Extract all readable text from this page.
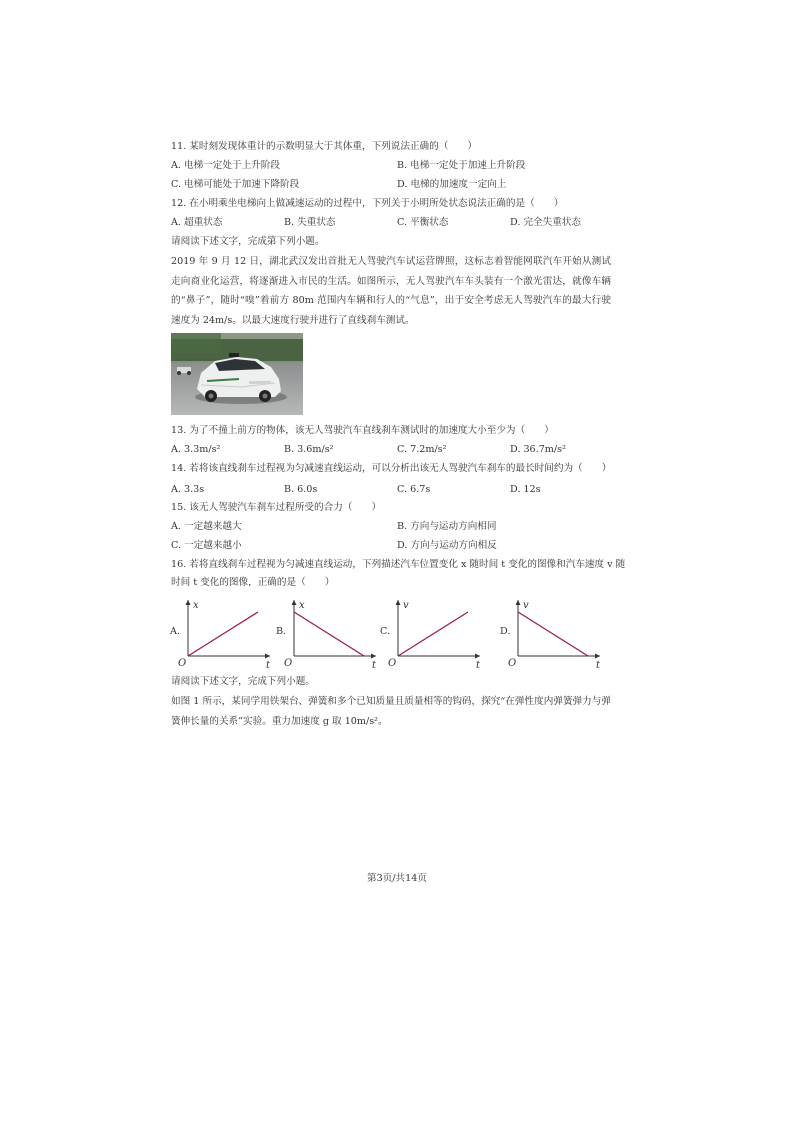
11. 某时刻发现体重计的示数明显大于其体重，下列说法正确的（　　）
A. 电梯一定处于上升阶段	B. 电梯一定处于加速上升阶段
C. 电梯可能处于加速下降阶段	D. 电梯的加速度一定向上
12. 在小明乘坐电梯向上做减速运动的过程中，下列关于小明所处状态说法正确的是（　　）
A. 超重状态	B. 失重状态	C. 平衡状态	D. 完全失重状态
请阅读下述文字，完成第下列小题。
2019 年 9 月 12 日，湖北武汉发出首批无人驾驶汽车试运营牌照，这标志着智能网联汽车开始从测试走向商业化运营，将逐渐进入市民的生活。如图所示，无人驾驶汽车车头装有一个激光雷达，就像车辆的“鼻子”，随时“嗅”着前方 80m 范围内车辆和行人的“气息”，出于安全考虑无人驾驶汽车的最大行驶速度为 24m/s。以最大速度行驶并进行了直线刹车测试。
13. 为了不撞上前方的物体，该无人驾驶汽车直线刹车测试时的加速度大小至少为（　　）
A. 3.3m/s²	B. 3.6m/s²	C. 7.2m/s²	D. 36.7m/s²
14. 若将该直线刹车过程视为匀减速直线运动，可以分析出该无人驾驶汽车刹车的最长时间约为（　　）
A. 3.3s	B. 6.0s	C. 6.7s	D. 12s
15. 该无人驾驶汽车刹车过程所受的合力（　　）
A. 一定越来越大	B. 方向与运动方向相同
C. 一定越来越小	D. 方向与运动方向相反
16. 若将直线刹车过程视为匀减速直线运动，下列描述汽车位置变化 x 随时间 t 变化的图像和汽车速度 v 随
时间 t 变化的图像，正确的是（　　）
A.
x
t
O
B.
x
t
O
C.
v
t
O
D.
v
t
O
请阅读下述文字，完成下列小题。
如图 1 所示，某同学用铁架台、弹簧和多个已知质量且质量相等的钩码，探究“在弹性度内弹簧弹力与弹簧伸长量的关系”实验。重力加速度 g 取 10m/s²。
第3页/共14页
